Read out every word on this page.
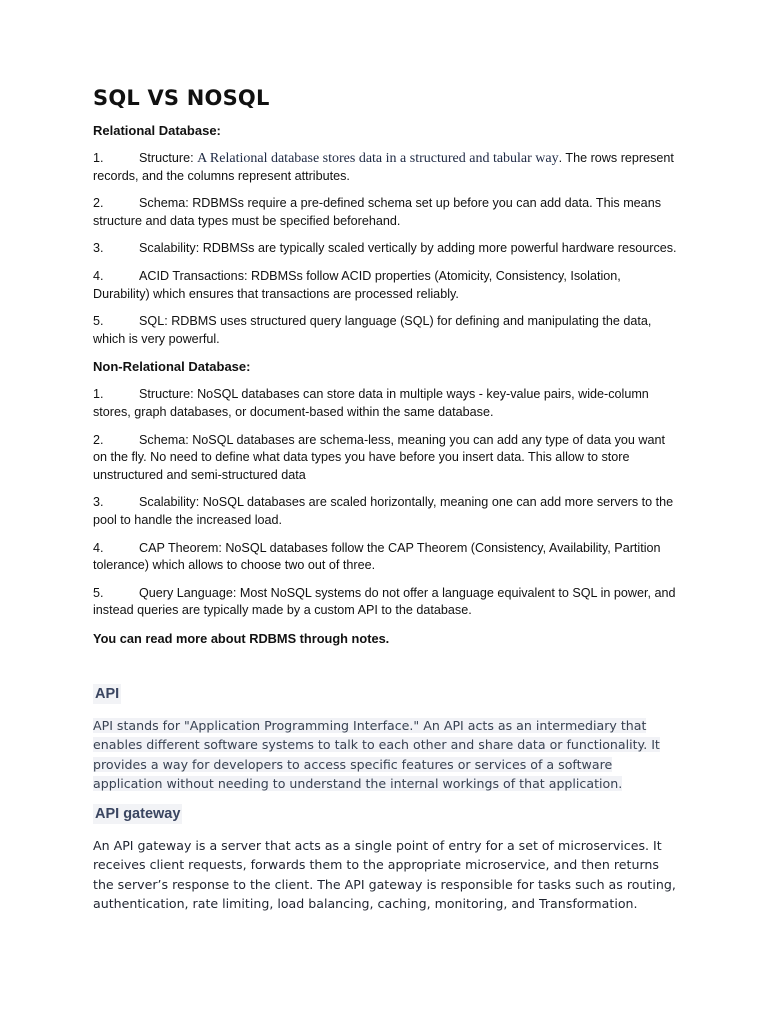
SQL VS NOSQL
Relational Database:
1.	Structure: A Relational database stores data in a structured and tabular way. The rows represent records, and the columns represent attributes.
2.	Schema: RDBMSs require a pre-defined schema set up before you can add data. This means structure and data types must be specified beforehand.
3.	Scalability: RDBMSs are typically scaled vertically by adding more powerful hardware resources.
4.	ACID Transactions: RDBMSs follow ACID properties (Atomicity, Consistency, Isolation, Durability) which ensures that transactions are processed reliably.
5.	SQL: RDBMS uses structured query language (SQL) for defining and manipulating the data, which is very powerful.
Non-Relational Database:
1.	Structure: NoSQL databases can store data in multiple ways - key-value pairs, wide-column stores, graph databases, or document-based within the same database.
2.	Schema: NoSQL databases are schema-less, meaning you can add any type of data you want on the fly. No need to define what data types you have before you insert data. This allow to store unstructured and semi-structured data
3.	Scalability: NoSQL databases are scaled horizontally, meaning one can add more servers to the pool to handle the increased load.
4.	CAP Theorem: NoSQL databases follow the CAP Theorem (Consistency, Availability, Partition tolerance) which allows to choose two out of three.
5.	Query Language: Most NoSQL systems do not offer a language equivalent to SQL in power, and instead queries are typically made by a custom API to the database.
You can read more about RDBMS through notes.
API
API stands for "Application Programming Interface." An API acts as an intermediary that enables different software systems to talk to each other and share data or functionality. It provides a way for developers to access specific features or services of a software application without needing to understand the internal workings of that application.
API gateway
An API gateway is a server that acts as a single point of entry for a set of microservices. It receives client requests, forwards them to the appropriate microservice, and then returns the server’s response to the client. The API gateway is responsible for tasks such as routing, authentication, rate limiting, load balancing, caching, monitoring, and Transformation.
